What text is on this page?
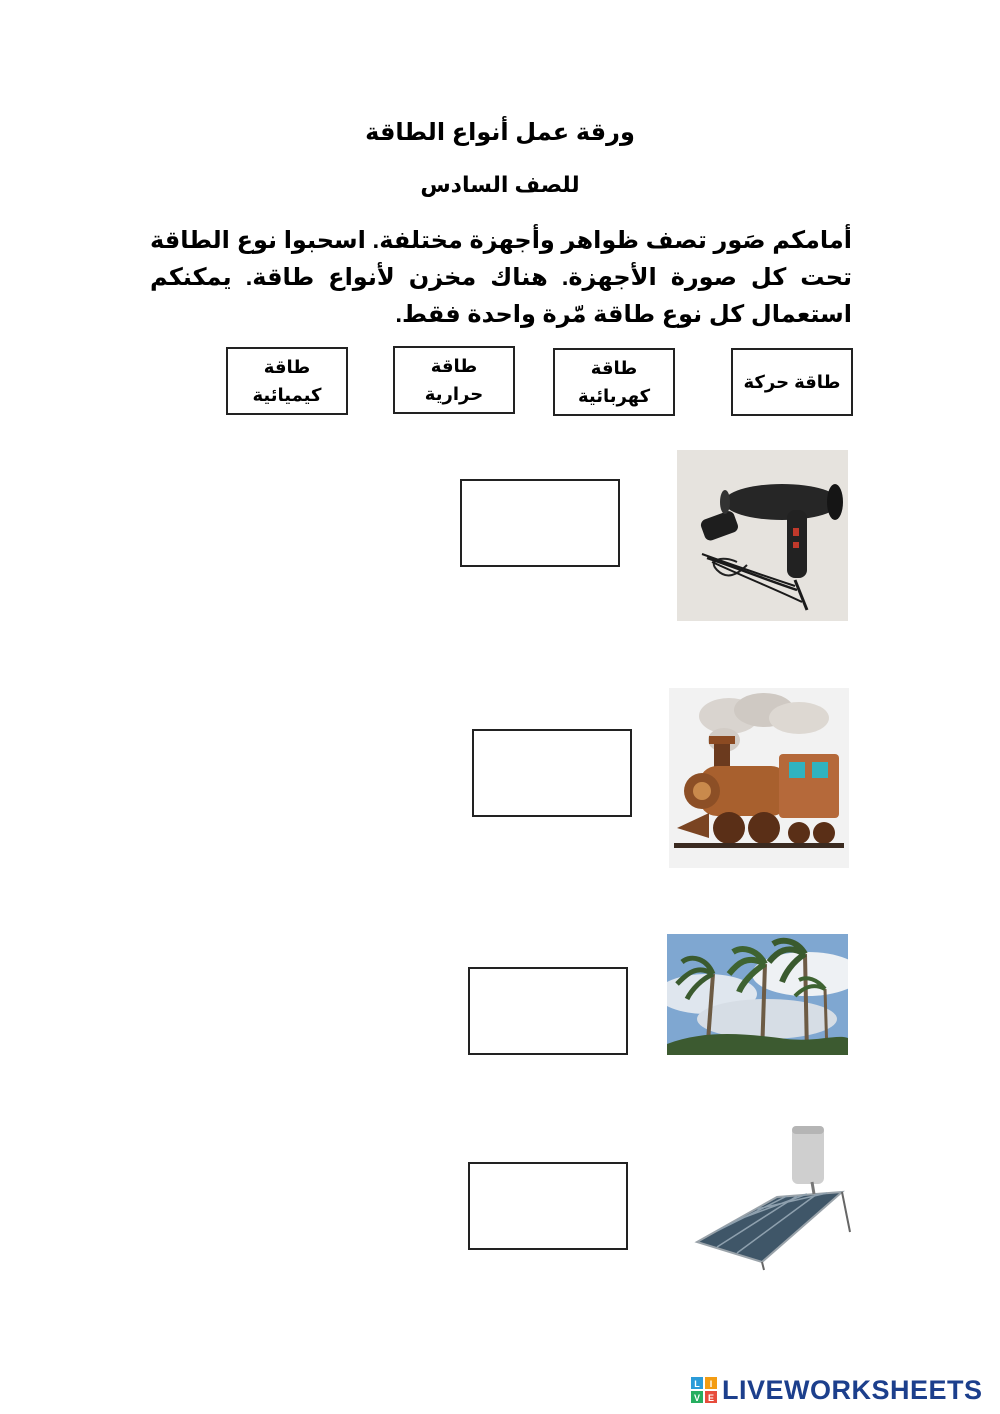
ورقة عمل أنواع الطاقة
للصف السادس
أمامكم صَور تصف ظواهر وأجهزة مختلفة. اسحبوا نوع الطاقة تحت كل صورة الأجهزة. هناك مخزن لأنواع طاقة. يمكنكم استعمال كل نوع طاقة مّرة واحدة فقط.
طاقة حركة
طاقة كهربائية
طاقة حرارية
طاقة كيميائية
L I
V E LIVEWORKSHEETS
